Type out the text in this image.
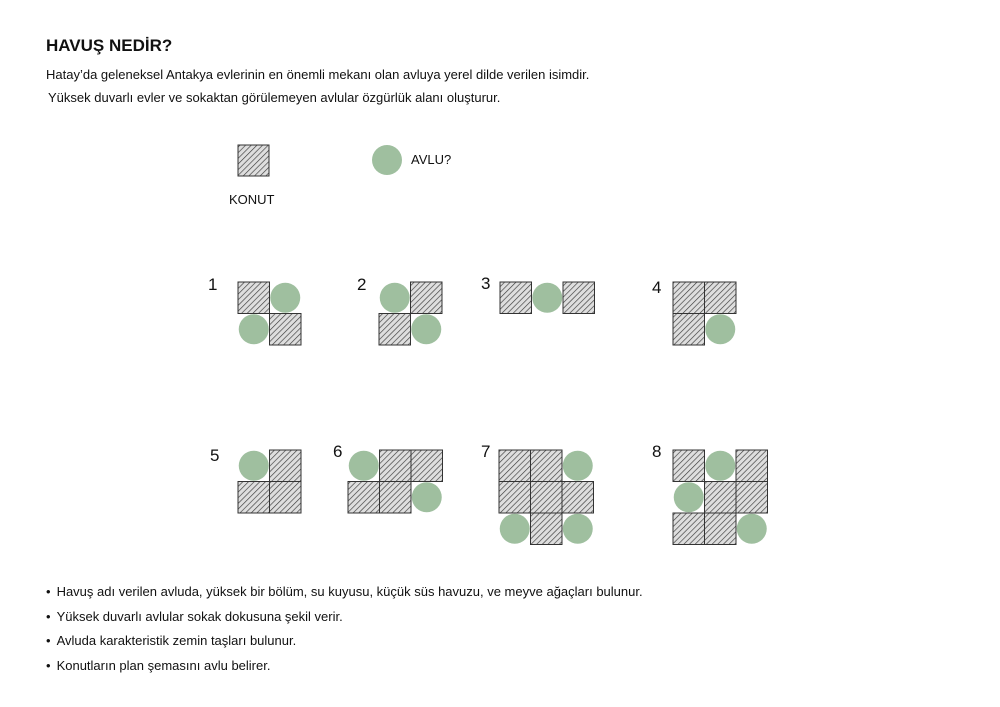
HAVUŞ NEDİR?

Hatay’da geleneksel Antakya evlerinin en önemli mekanı olan avluya yerel dilde verilen isimdir.

Yüksek duvarlı evler ve sokaktan görülemeyen avlular özgürlük alanı oluşturur.

1	2	3	4
5	6	7	8
KONUT
AVLU?
• Havuş adı verilen avluda, yüksek bir bölüm, su kuyusu, küçük süs havuzu, ve meyve ağaçları bulunur.
• Yüksek duvarlı avlular sokak dokusuna şekil verir.
• Avluda karakteristik zemin taşları bulunur.
• Konutların plan şemasını avlu belirer.
